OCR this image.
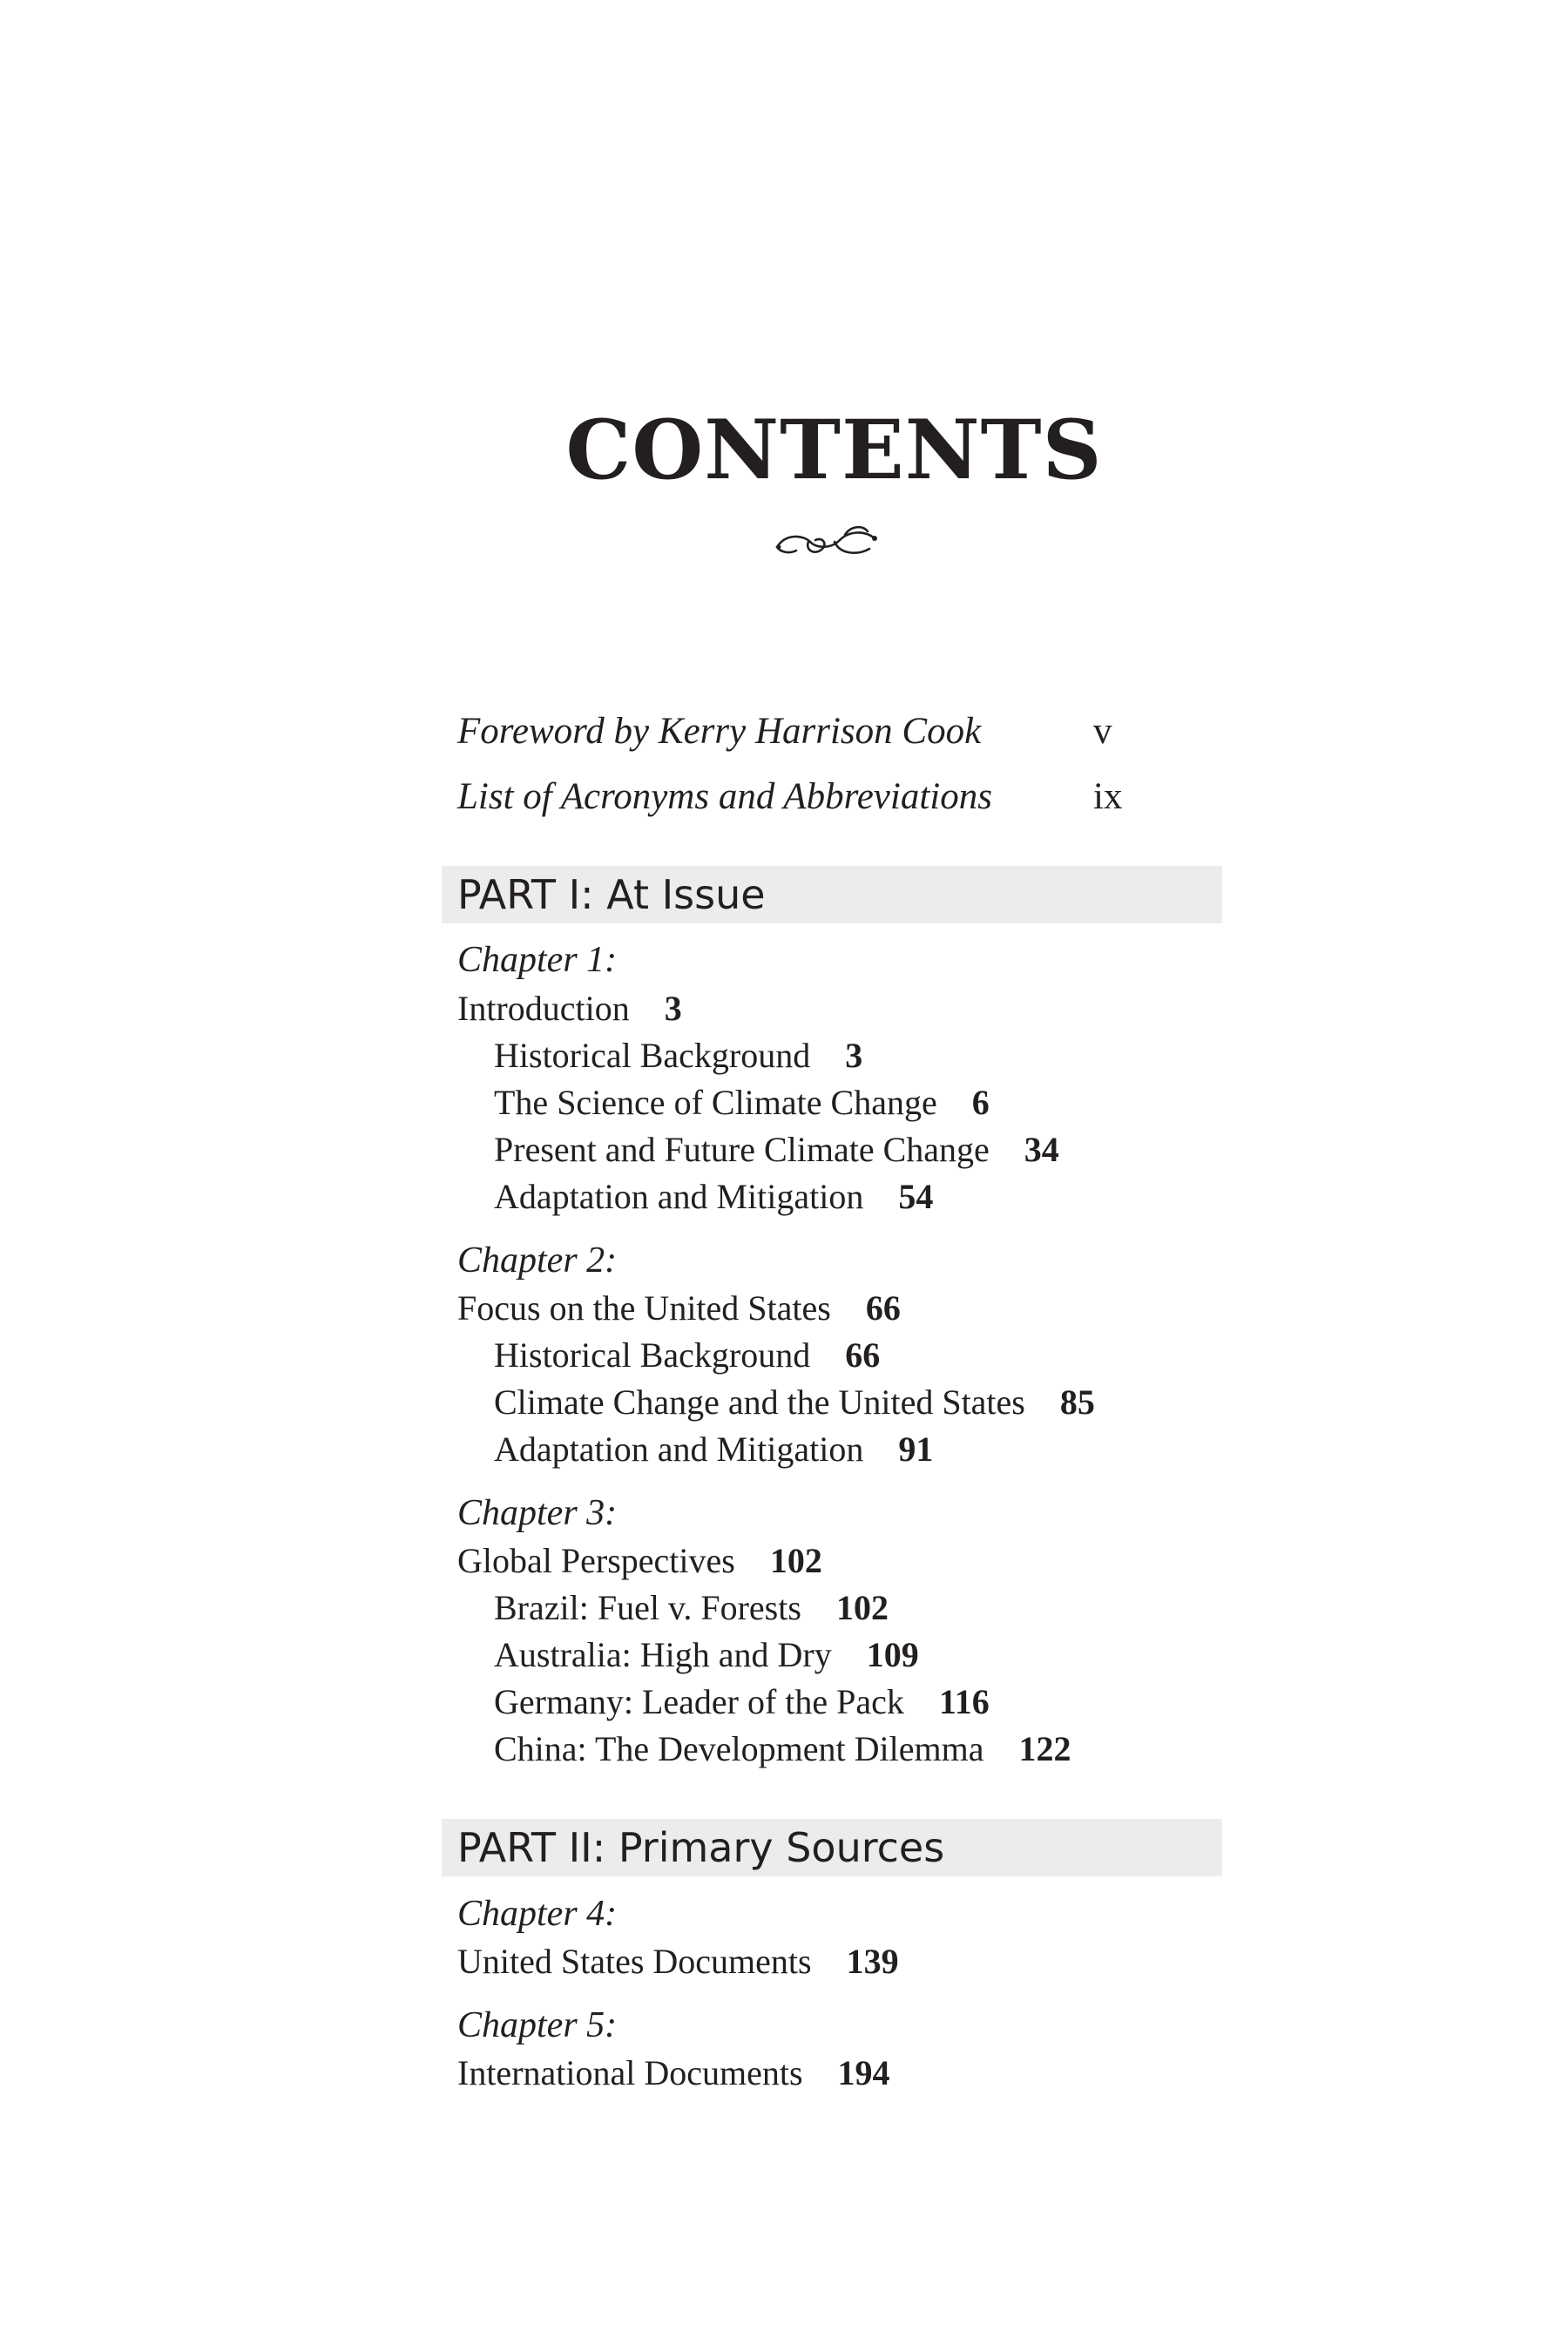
CONTENTS
Foreword by Kerry Harrison Cook	v
List of Acronyms and Abbreviations	ix
PART I: At Issue
Chapter 1:
Introduction 3
Historical Background 3
The Science of Climate Change 6
Present and Future Climate Change 34
Adaptation and Mitigation 54
Chapter 2:
Focus on the United States 66
Historical Background 66
Climate Change and the United States 85
Adaptation and Mitigation 91
Chapter 3:
Global Perspectives 102
Brazil: Fuel v. Forests 102
Australia: High and Dry 109
Germany: Leader of the Pack 116
China: The Development Dilemma 122
PART II: Primary Sources
Chapter 4:
United States Documents 139
Chapter 5:
International Documents 194
